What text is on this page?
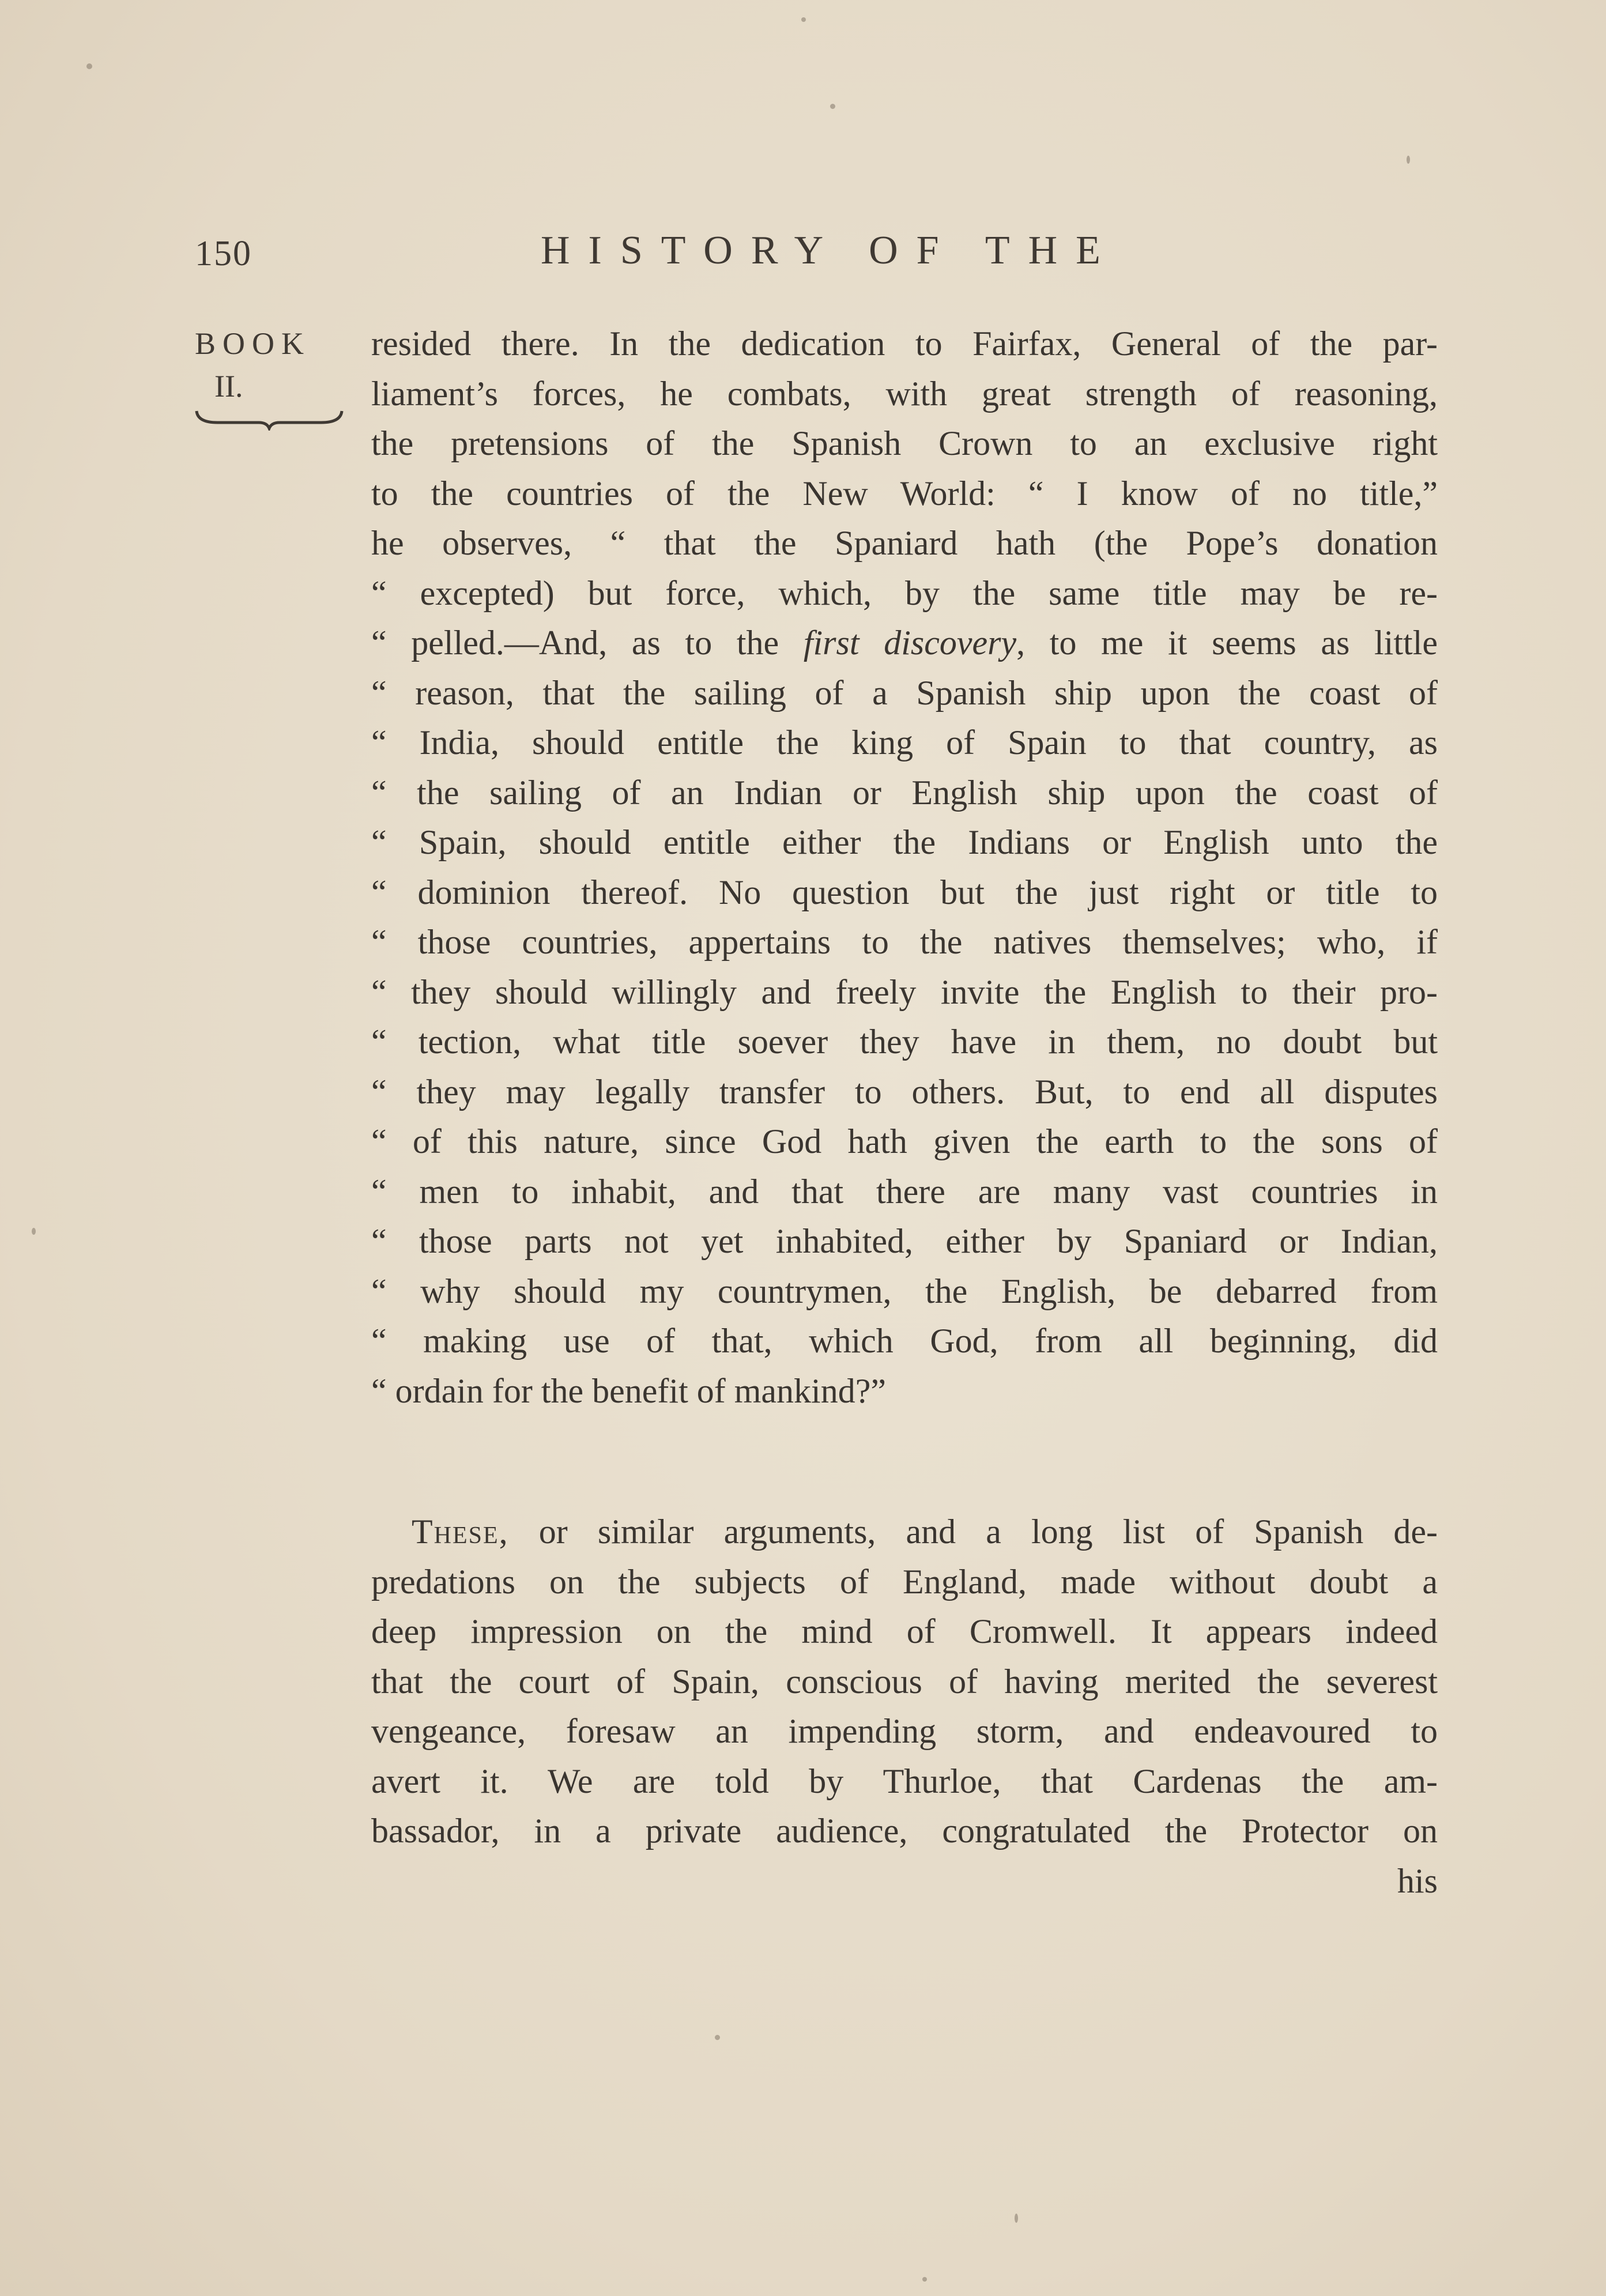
150	HISTORY OF THE
BOOK
II.
resided there. In the dedication to Fairfax, General of the par-
liament’s forces, he combats, with great strength of reasoning,
the pretensions of the Spanish Crown to an exclusive right
to the countries of the New World: “ I know of no title,”
he observes, “ that the Spaniard hath (the Pope’s donation
“ excepted) but force, which, by the same title may be re-
“ pelled.—And, as to the first discovery, to me it seems as little
“ reason, that the sailing of a Spanish ship upon the coast of
“ India, should entitle the king of Spain to that country, as
“ the sailing of an Indian or English ship upon the coast of
“ Spain, should entitle either the Indians or English unto the
“ dominion thereof. No question but the just right or title to
“ those countries, appertains to the natives themselves; who, if
“ they should willingly and freely invite the English to their pro-
“ tection, what title soever they have in them, no doubt but
“ they may legally transfer to others. But, to end all disputes
“ of this nature, since God hath given the earth to the sons of
“ men to inhabit, and that there are many vast countries in
“ those parts not yet inhabited, either by Spaniard or Indian,
“ why should my countrymen, the English, be debarred from
“ making use of that, which God, from all beginning, did
“ ordain for the benefit of mankind?”
These, or similar arguments, and a long list of Spanish de-
predations on the subjects of England, made without doubt a
deep impression on the mind of Cromwell. It appears indeed
that the court of Spain, conscious of having merited the severest
vengeance, foresaw an impending storm, and endeavoured to
avert it. We are told by Thurloe, that Cardenas the am-
bassador, in a private audience, congratulated the Protector on
his
